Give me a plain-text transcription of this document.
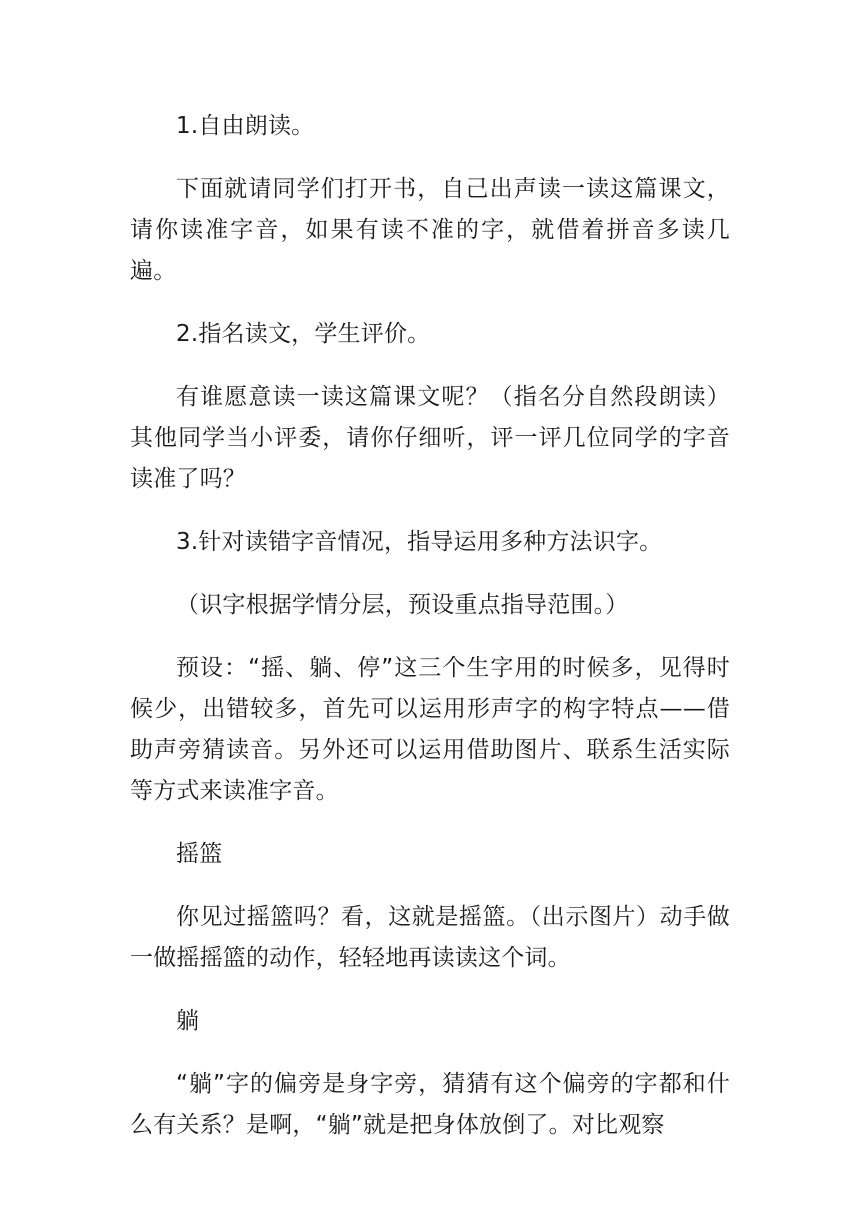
1.自由朗读。

下面就请同学们打开书，自己出声读一读这篇课文，请你读准字音，如果有读不准的字，就借着拼音多读几遍。

2.指名读文，学生评价。

有谁愿意读一读这篇课文呢？（指名分自然段朗读）其他同学当小评委，请你仔细听，评一评几位同学的字音读准了吗？

3.针对读错字音情况，指导运用多种方法识字。

（识字根据学情分层，预设重点指导范围。）

预设：“摇、躺、停”这三个生字用的时候多，见得时候少，出错较多，首先可以运用形声字的构字特点——借助声旁猜读音。另外还可以运用借助图片、联系生活实际等方式来读准字音。

摇篮

你见过摇篮吗？看，这就是摇篮。（出示图片）动手做一做摇摇篮的动作，轻轻地再读读这个词。

躺

“躺”字的偏旁是身字旁，猜猜有这个偏旁的字都和什么有关系？是啊，“躺”就是把身体放倒了。对比观察
